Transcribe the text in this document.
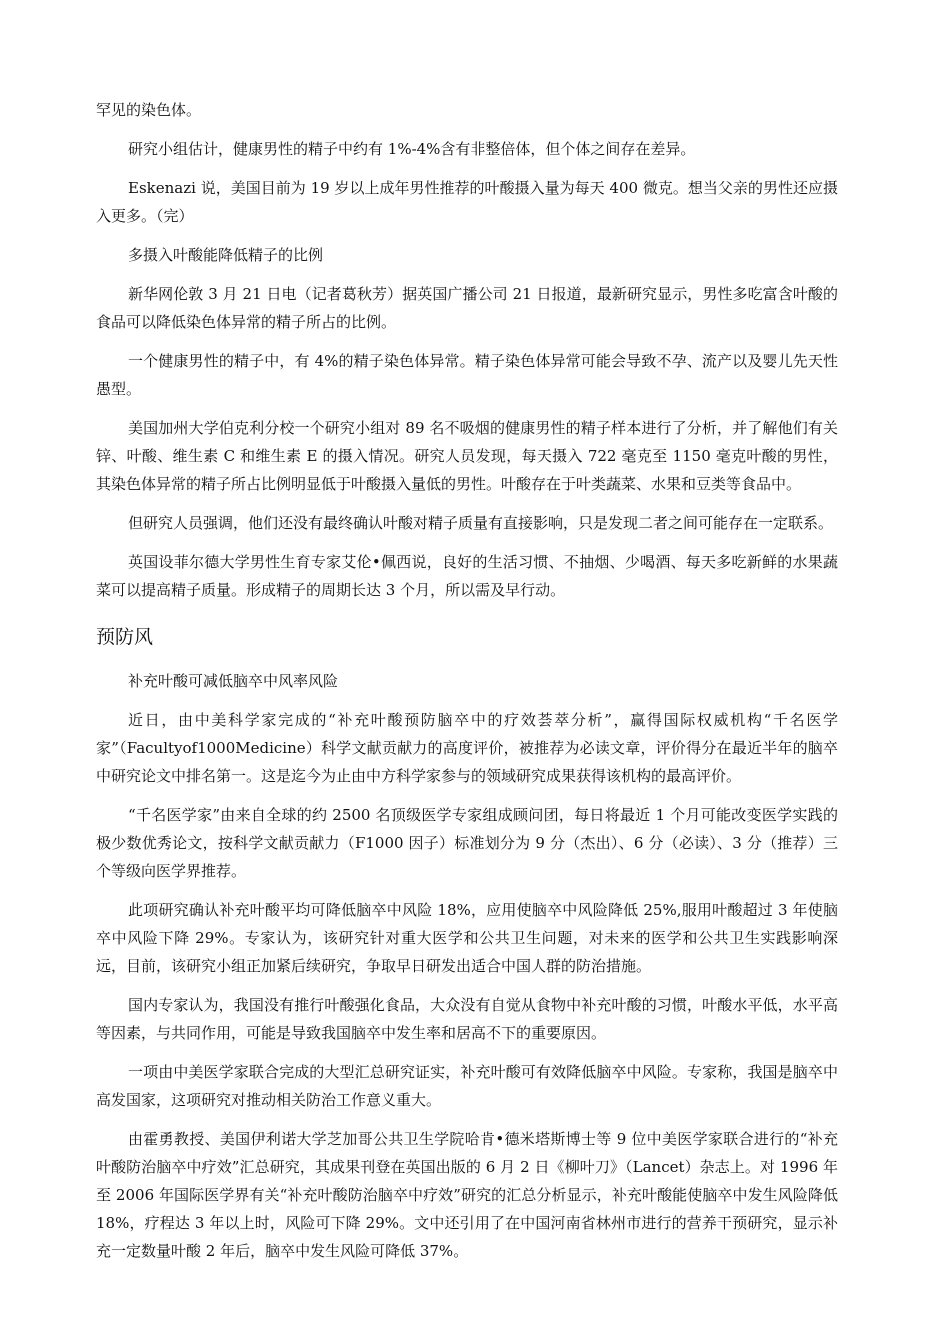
罕见的染色体。

研究小组估计，健康男性的精子中约有 1%-4%含有非整倍体，但个体之间存在差异。

Eskenazi 说，美国目前为 19 岁以上成年男性推荐的叶酸摄入量为每天 400 微克。想当父亲的男性还应摄入更多。（完）

多摄入叶酸能降低精子的比例

新华网伦敦 3 月 21 日电（记者葛秋芳）据英国广播公司 21 日报道，最新研究显示，男性多吃富含叶酸的食品可以降低染色体异常的精子所占的比例。

一个健康男性的精子中，有 4%的精子染色体异常。精子染色体异常可能会导致不孕、流产以及婴儿先天性愚型。

美国加州大学伯克利分校一个研究小组对 89 名不吸烟的健康男性的精子样本进行了分析，并了解他们有关锌、叶酸、维生素 C 和维生素 E 的摄入情况。研究人员发现，每天摄入 722 毫克至 1150 毫克叶酸的男性，其染色体异常的精子所占比例明显低于叶酸摄入量低的男性。叶酸存在于叶类蔬菜、水果和豆类等食品中。

但研究人员强调，他们还没有最终确认叶酸对精子质量有直接影响，只是发现二者之间可能存在一定联系。

英国设菲尔德大学男性生育专家艾伦•佩西说，良好的生活习惯、不抽烟、少喝酒、每天多吃新鲜的水果蔬菜可以提高精子质量。形成精子的周期长达 3 个月，所以需及早行动。

预防风

补充叶酸可减低脑卒中风率风险

近日，由中美科学家完成的“补充叶酸预防脑卒中的疗效荟萃分析”，赢得国际权威机构“千名医学家”（Facultyof1000Medicine）科学文献贡献力的高度评价，被推荐为必读文章，评价得分在最近半年的脑卒中研究论文中排名第一。这是迄今为止由中方科学家参与的领域研究成果获得该机构的最高评价。

“千名医学家”由来自全球的约 2500 名顶级医学专家组成顾问团，每日将最近 1 个月可能改变医学实践的极少数优秀论文，按科学文献贡献力（F1000 因子）标准划分为 9 分（杰出）、6 分（必读）、3 分（推荐）三个等级向医学界推荐。

此项研究确认补充叶酸平均可降低脑卒中风险 18%，应用使脑卒中风险降低 25%,服用叶酸超过 3 年使脑卒中风险下降 29%。专家认为，该研究针对重大医学和公共卫生问题，对未来的医学和公共卫生实践影响深远，目前，该研究小组正加紧后续研究，争取早日研发出适合中国人群的防治措施。

国内专家认为，我国没有推行叶酸强化食品，大众没有自觉从食物中补充叶酸的习惯，叶酸水平低，水平高等因素，与共同作用，可能是导致我国脑卒中发生率和居高不下的重要原因。

一项由中美医学家联合完成的大型汇总研究证实，补充叶酸可有效降低脑卒中风险。专家称，我国是脑卒中高发国家，这项研究对推动相关防治工作意义重大。

由霍勇教授、美国伊利诺大学芝加哥公共卫生学院哈肯•德米塔斯博士等 9 位中美医学家联合进行的“补充叶酸防治脑卒中疗效”汇总研究，其成果刊登在英国出版的 6 月 2 日《柳叶刀》（Lancet）杂志上。对 1996 年至 2006 年国际医学界有关“补充叶酸防治脑卒中疗效”研究的汇总分析显示，补充叶酸能使脑卒中发生风险降低 18%，疗程达 3 年以上时，风险可下降 29%。文中还引用了在中国河南省林州市进行的营养干预研究，显示补充一定数量叶酸 2 年后，脑卒中发生风险可降低 37%。
